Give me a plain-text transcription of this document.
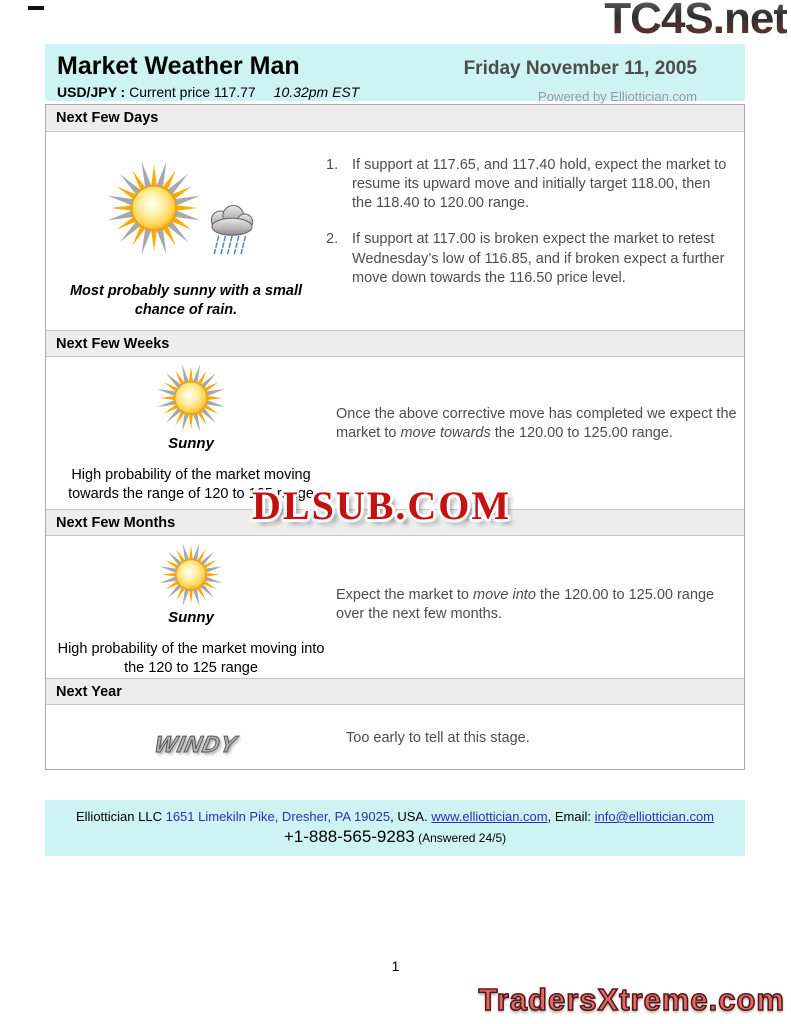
TC4S.net
Market Weather Man
USD/JPY : Current price 117.77 10.32pm EST
Friday November 11, 2005
Powered by Elliottician.com
Next Few Days
Most probably sunny with a small chance of rain.
1. If support at 117.65, and 117.40 hold, expect the market to resume its upward move and initially target 118.00, then the 118.40 to 120.00 range.
2. If support at 117.00 is broken expect the market to retest Wednesday’s low of 116.85, and if broken expect a further move down towards the 116.50 price level.
Next Few Weeks
Sunny
High probability of the market moving towards the range of 120 to 125 range
Once the above corrective move has completed we expect the market to move towards the 120.00 to 125.00 range.
Next Few Months
Sunny
High probability of the market moving into the 120 to 125 range
Expect the market to move into the 120.00 to 125.00 range over the next few months.
Next Year
WINDY	Too early to tell at this stage.
DLSUB.COM
Elliottician LLC 1651 Limekiln Pike, Dresher, PA 19025, USA. www.elliottician.com, Email: info@elliottician.com
+1-888-565-9283 (Answered 24/5)
1
TradersXtreme.com
